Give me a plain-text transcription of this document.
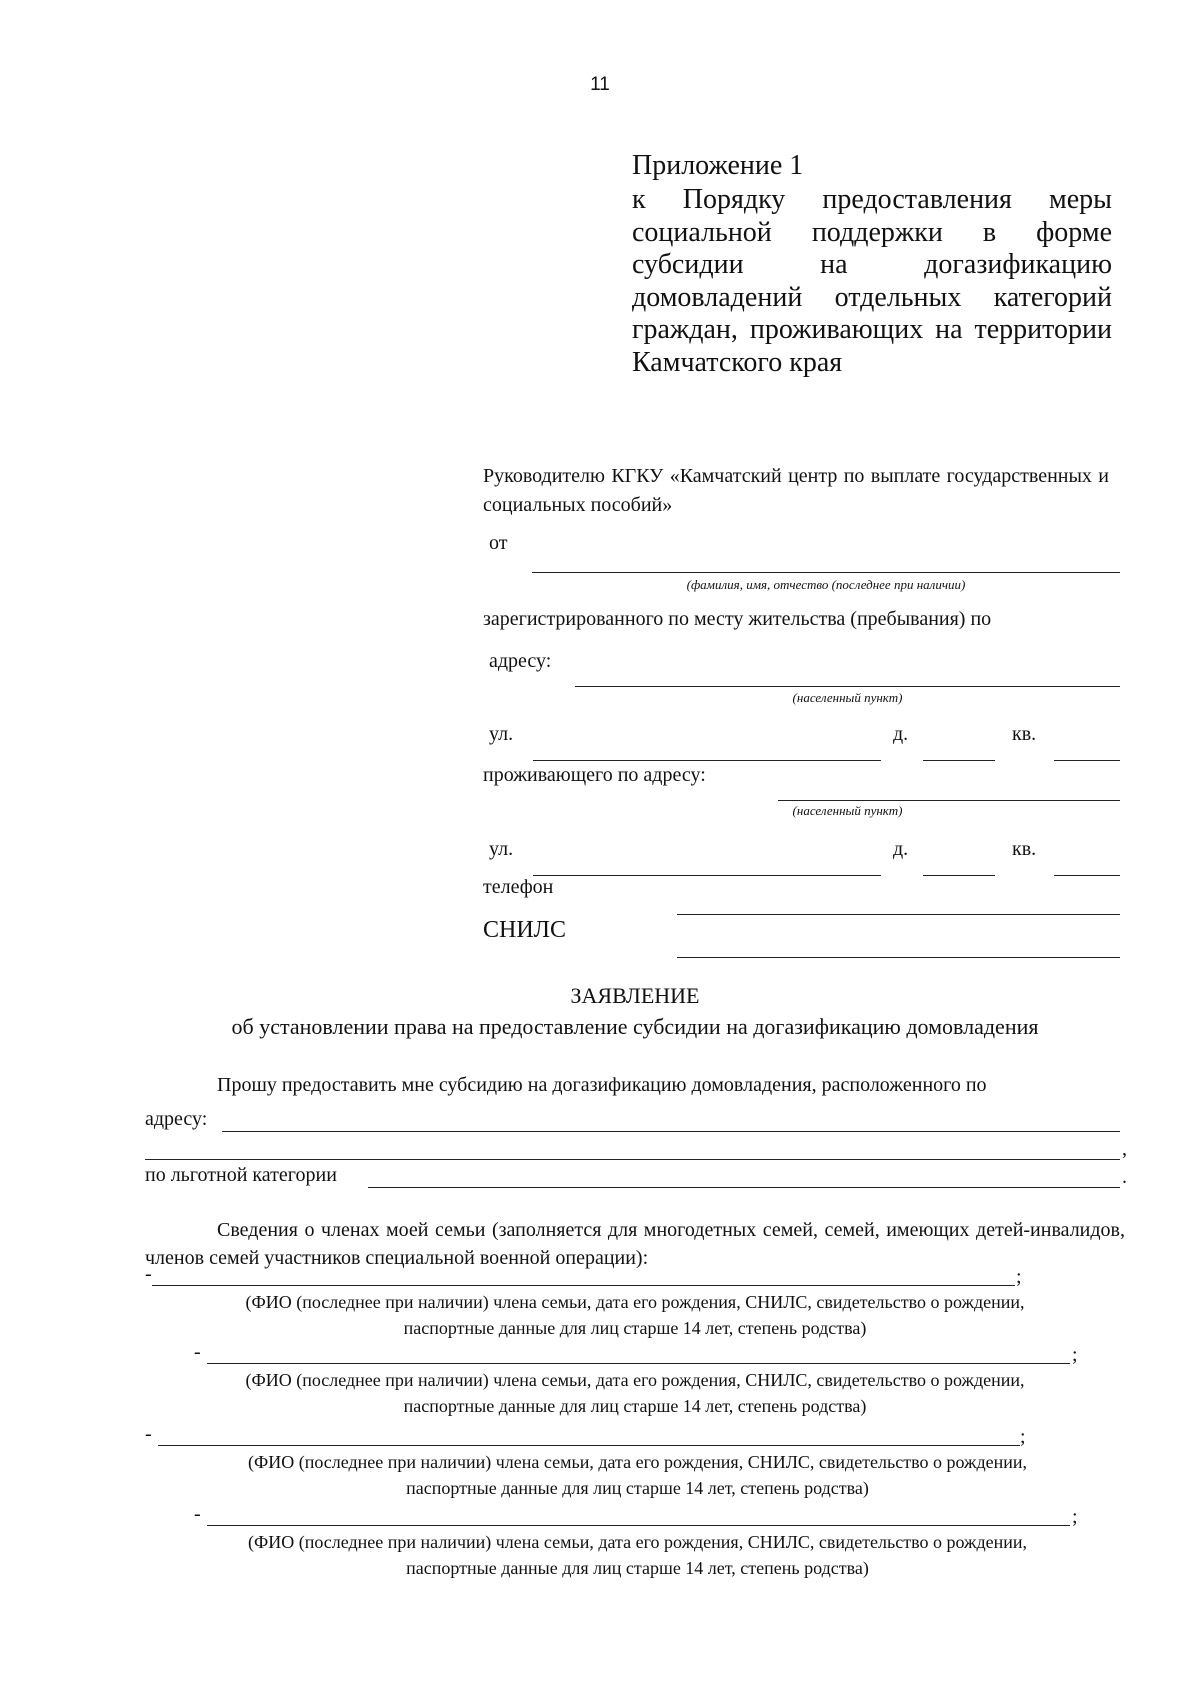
11
Приложение 1
к Порядку предоставления меры социальной поддержки в форме субсидии на догазификацию домовладений отдельных категорий граждан, проживающих на территории Камчатского края
Руководителю КГКУ «Камчатский центр по выплате государственных и социальных пособий»
от
(фамилия, имя, отчество (последнее при наличии)
зарегистрированного по месту жительства (пребывания) по
адресу:
(населенный пункт)
ул.	д.	кв.
проживающего по адресу:
(населенный пункт)
ул.	д.	кв.
телефон
СНИЛС
ЗАЯВЛЕНИЕ
об установлении права на предоставление субсидии на догазификацию домовладения
Прошу предоставить мне субсидию на догазификацию домовладения, расположенного по
адресу:
,
по льготной категории	.
Сведения о членах моей семьи (заполняется для многодетных семей, семей, имеющих детей-инвалидов, членов семей участников специальной военной операции):
-	;
(ФИО (последнее при наличии) члена семьи, дата его рождения, СНИЛС, свидетельство о рождении,
паспортные данные для лиц старше 14 лет, степень родства)
-	;
(ФИО (последнее при наличии) члена семьи, дата его рождения, СНИЛС, свидетельство о рождении,
паспортные данные для лиц старше 14 лет, степень родства)
-	;
(ФИО (последнее при наличии) члена семьи, дата его рождения, СНИЛС, свидетельство о рождении,
паспортные данные для лиц старше 14 лет, степень родства)
-	;
(ФИО (последнее при наличии) члена семьи, дата его рождения, СНИЛС, свидетельство о рождении,
паспортные данные для лиц старше 14 лет, степень родства)
